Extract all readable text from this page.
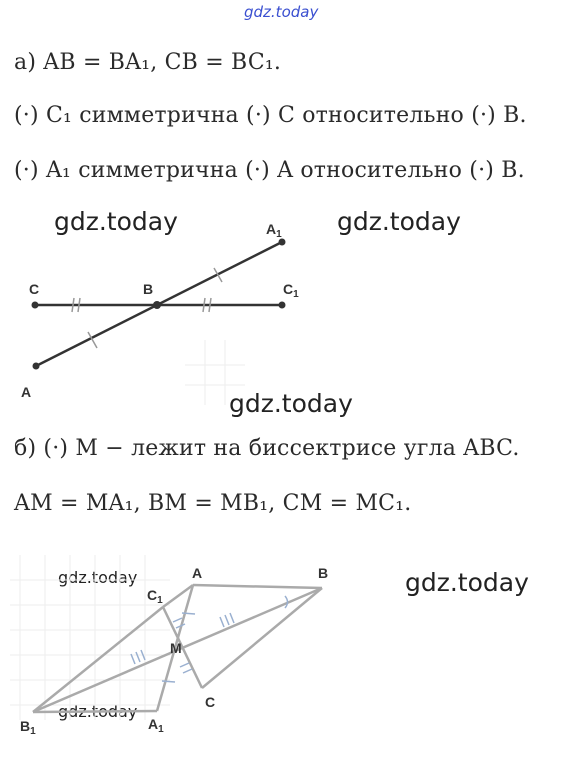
gdz.today
gdz.today	gdz.today
gdz.today
gdz.today
gdz.today
gdz.today
а) AB = BA₁, CB = BC₁.
(·) C₁ симметрична (·) C относительно (·) B.
(·) A₁ симметрична (·) A относительно (·) B.
C	B	$C_1$
A
$A_1$
б) (·) M − лежит на биссектрисе угла ABC.
AM = MA₁, BM = MB₁, CM = MC₁.
A	B
C
M
$C_1$
$A_1$
$B_1$
